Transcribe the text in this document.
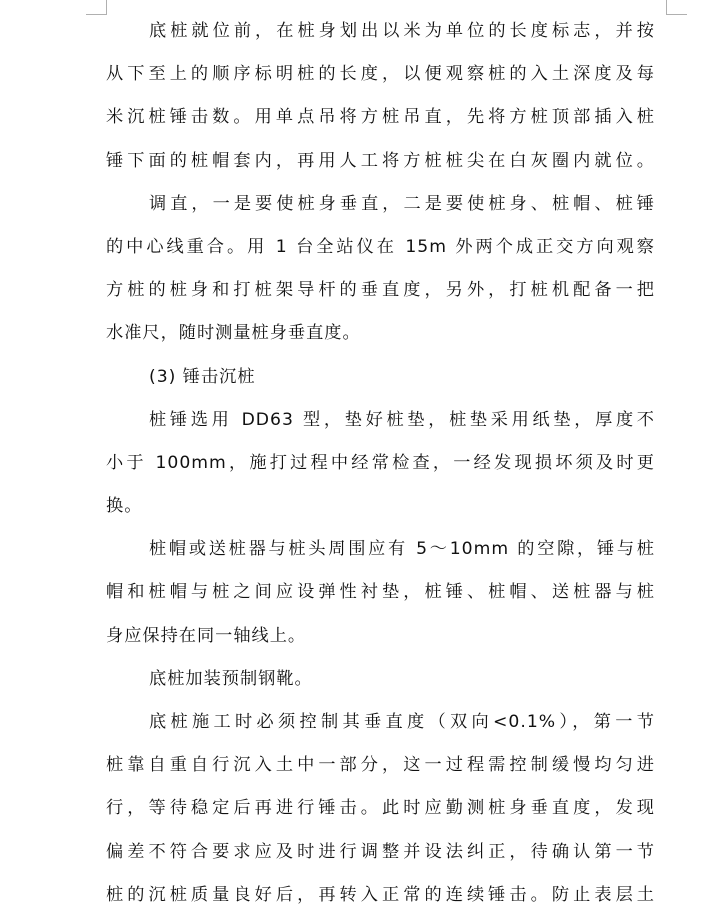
底桩就位前，在桩身划出以米为单位的长度标志，并按
从下至上的顺序标明桩的长度，以便观察桩的入土深度及每
米沉桩锤击数。用单点吊将方桩吊直，先将方桩顶部插入桩
锤下面的桩帽套内，再用人工将方桩桩尖在白灰圈内就位。
调直，一是要使桩身垂直，二是要使桩身、桩帽、桩锤
的中心线重合。用 1 台全站仪在 15m 外两个成正交方向观察
方桩的桩身和打桩架导杆的垂直度，另外，打桩机配备一把
水准尺，随时测量桩身垂直度。
(3) 锤击沉桩
桩锤选用 DD63 型，垫好桩垫，桩垫采用纸垫，厚度不
小于 100mm，施打过程中经常检查，一经发现损坏须及时更
换。
桩帽或送桩器与桩头周围应有 5～10mm 的空隙，锤与桩
帽和桩帽与桩之间应设弹性衬垫，桩锤、桩帽、送桩器与桩
身应保持在同一轴线上。
底桩加装预制钢靴。
底桩施工时必须控制其垂直度（双向<0.1%），第一节
桩靠自重自行沉入土中一部分，这一过程需控制缓慢均匀进
行，等待稳定后再进行锤击。此时应勤测桩身垂直度，发现
偏差不符合要求应及时进行调整并设法纠正，待确认第一节
桩的沉桩质量良好后，再转入正常的连续锤击。防止表层土
